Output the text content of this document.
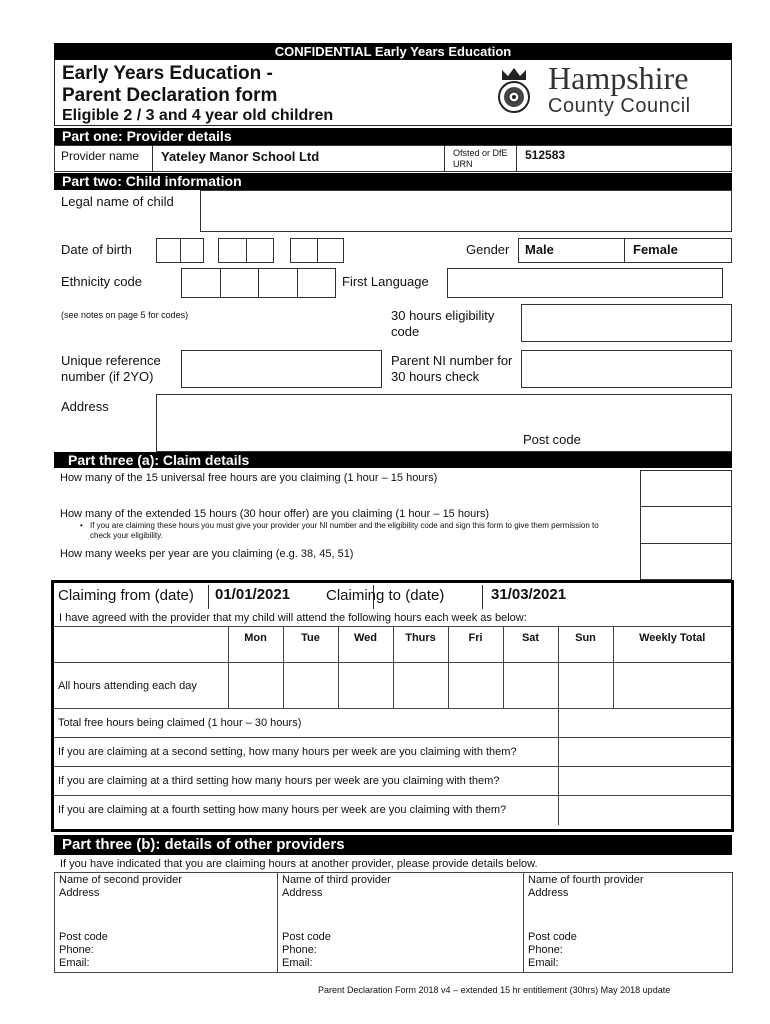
CONFIDENTIAL Early Years Education
Early Years Education -
Parent Declaration form
Eligible 2 / 3 and 4 year old children
Hampshire
County Council
Part one: Provider details
Provider name	Yateley Manor School Ltd	Ofsted or DfE URN
512583
Part two: Child information
Legal name of child
Date of birth	Gender	Male	Female
Ethnicity code	First Language
(see notes on page 5 for codes)	30 hours eligibility code
Unique reference number (if 2YO)
Parent NI number for 30 hours check
Address
Post code
Part three (a): Claim details
How many of the 15 universal free hours are you claiming (1 hour – 15 hours)
How many of the extended 15 hours (30 hour offer) are you claiming (1 hour – 15 hours)
• If you are claiming these hours you must give your provider your NI number and the eligibility code and sign this form to give them permission to check your eligibility.
How many weeks per year are you claiming (e.g. 38, 45, 51)
Claiming from (date)	01/01/2021	Claiming to (date)	31/03/2021
I have agreed with the provider that my child will attend the following hours each week as below:
	Mon	Tue	Wed	Thurs	Fri	Sat	Sun	Weekly Total
All hours attending each day								
Total free hours being claimed (1 hour – 30 hours)								
If you are claiming at a second setting, how many hours per week are you claiming with them?								
If you are claiming at a third setting how many hours per week are you claiming with them?								
If you are claiming at a fourth setting how many hours per week are you claiming with them?								
Part three (b): details of other providers
If you have indicated that you are claiming hours at another provider, please provide details below.
Name of second provider
Address
Post code
Phone:
Email:

Name of third provider
Address
Post code
Phone:
Email:

Name of fourth provider
Address
Post code
Phone:
Email:
Parent Declaration Form 2018 v4 – extended 15 hr entitlement (30hrs) May 2018 update
